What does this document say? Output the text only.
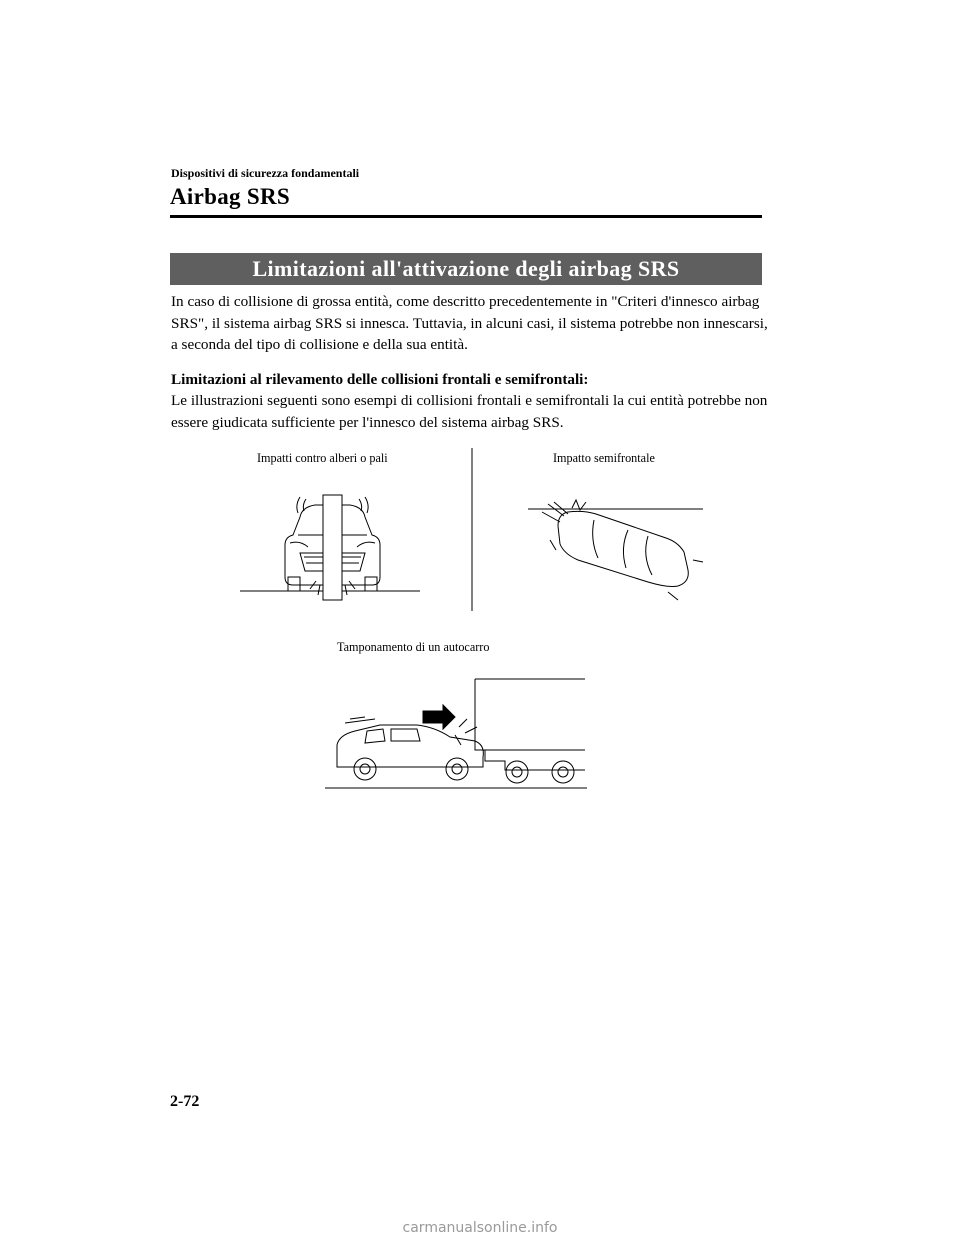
Dispositivi di sicurezza fondamentali
Airbag SRS
Limitazioni all'attivazione degli airbag SRS
In caso di collisione di grossa entità, come descritto precedentemente in "Criteri d'innesco airbag SRS", il sistema airbag SRS si innesca. Tuttavia, in alcuni casi, il sistema potrebbe non innescarsi, a seconda del tipo di collisione e della sua entità.
Limitazioni al rilevamento delle collisioni frontali e semifrontali:
Le illustrazioni seguenti sono esempi di collisioni frontali e semifrontali la cui entità potrebbe non essere giudicata sufficiente per l'innesco del sistema airbag SRS.
Impatti contro alberi o pali	Impatto semifrontale
Tamponamento di un autocarro
2-72
carmanualsonline.info
